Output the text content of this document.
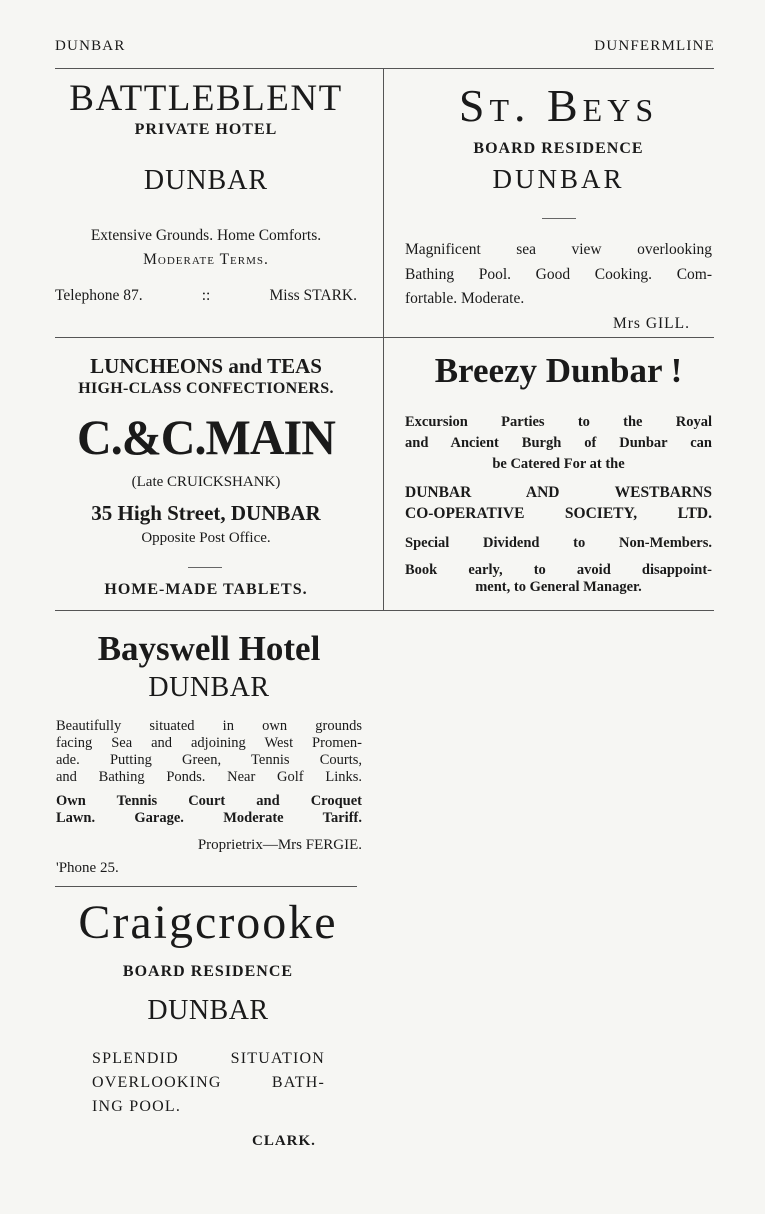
DUNBAR	DUNFERMLINE
BATTLEBLENT
PRIVATE HOTEL
DUNBAR
Extensive Grounds. Home Comforts.
Moderate Terms.
Telephone 87.	::	Miss STARK.
St. Beys
BOARD RESIDENCE
DUNBAR
Magnificent sea view overlooking
Bathing Pool. Good Cooking. Com-
fortable. Moderate.
Mrs GILL.
LUNCHEONS and TEAS
HIGH-CLASS CONFECTIONERS.
C.&C.MAIN
(Late CRUICKSHANK)
35 High Street, DUNBAR
Opposite Post Office.
HOME-MADE TABLETS.
Breezy Dunbar !
Excursion Parties to the Royal
and Ancient Burgh of Dunbar can
be Catered For at the
DUNBAR AND WESTBARNS
CO-OPERATIVE SOCIETY, LTD.
Special Dividend to Non-Members.
Book early, to avoid disappoint-
ment, to General Manager.
Bayswell Hotel
DUNBAR
Beautifully situated in own grounds
facing Sea and adjoining West Promen-
ade. Putting Green, Tennis Courts,
and Bathing Ponds. Near Golf Links.
Own Tennis Court and Croquet
Lawn. Garage. Moderate Tariff.
Proprietrix—Mrs FERGIE.
'Phone 25.
Craigcrooke
BOARD RESIDENCE
DUNBAR
SPLENDID SITUATION
OVERLOOKING BATH-
ING POOL.
CLARK.
